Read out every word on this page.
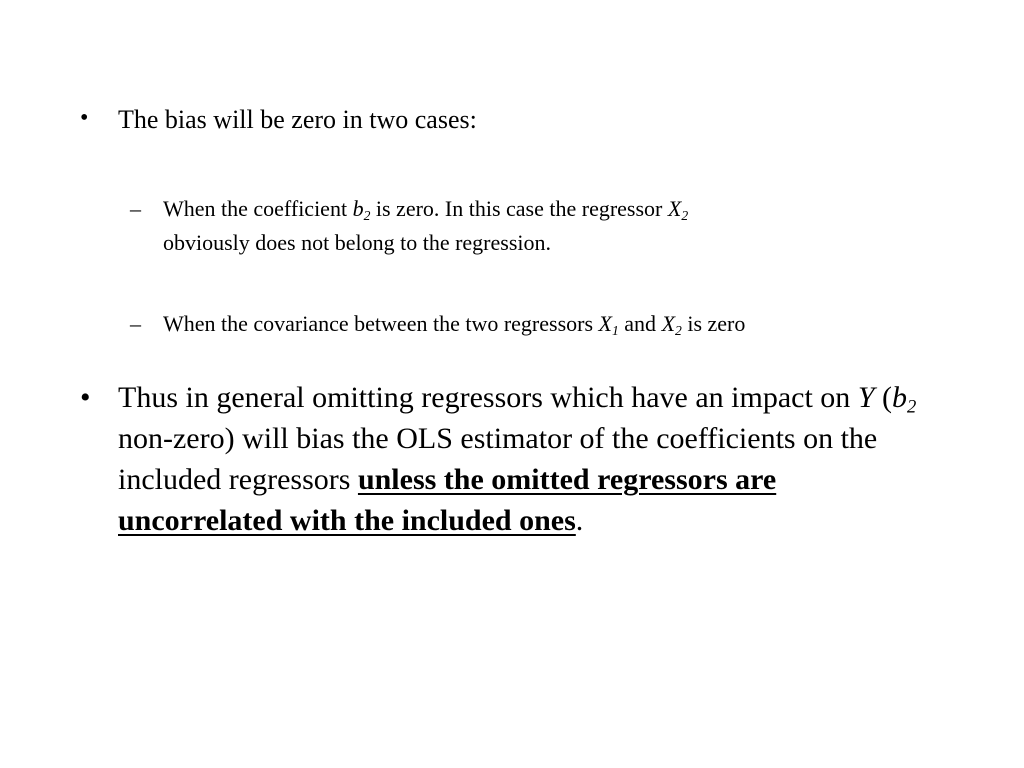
• The bias will be zero in two cases:
– When the coefficient $b_2$ is zero. In this case the regressor $X_2$
obviously does not belong to the regression.
– When the covariance between the two regressors $X_1$ and $X_2$ is zero
• Thus in general omitting regressors which have an impact on Y ($b_2$ non-zero) will bias the OLS estimator of the coefficients on the included regressors unless the omitted regressors are uncorrelated with the included ones.
